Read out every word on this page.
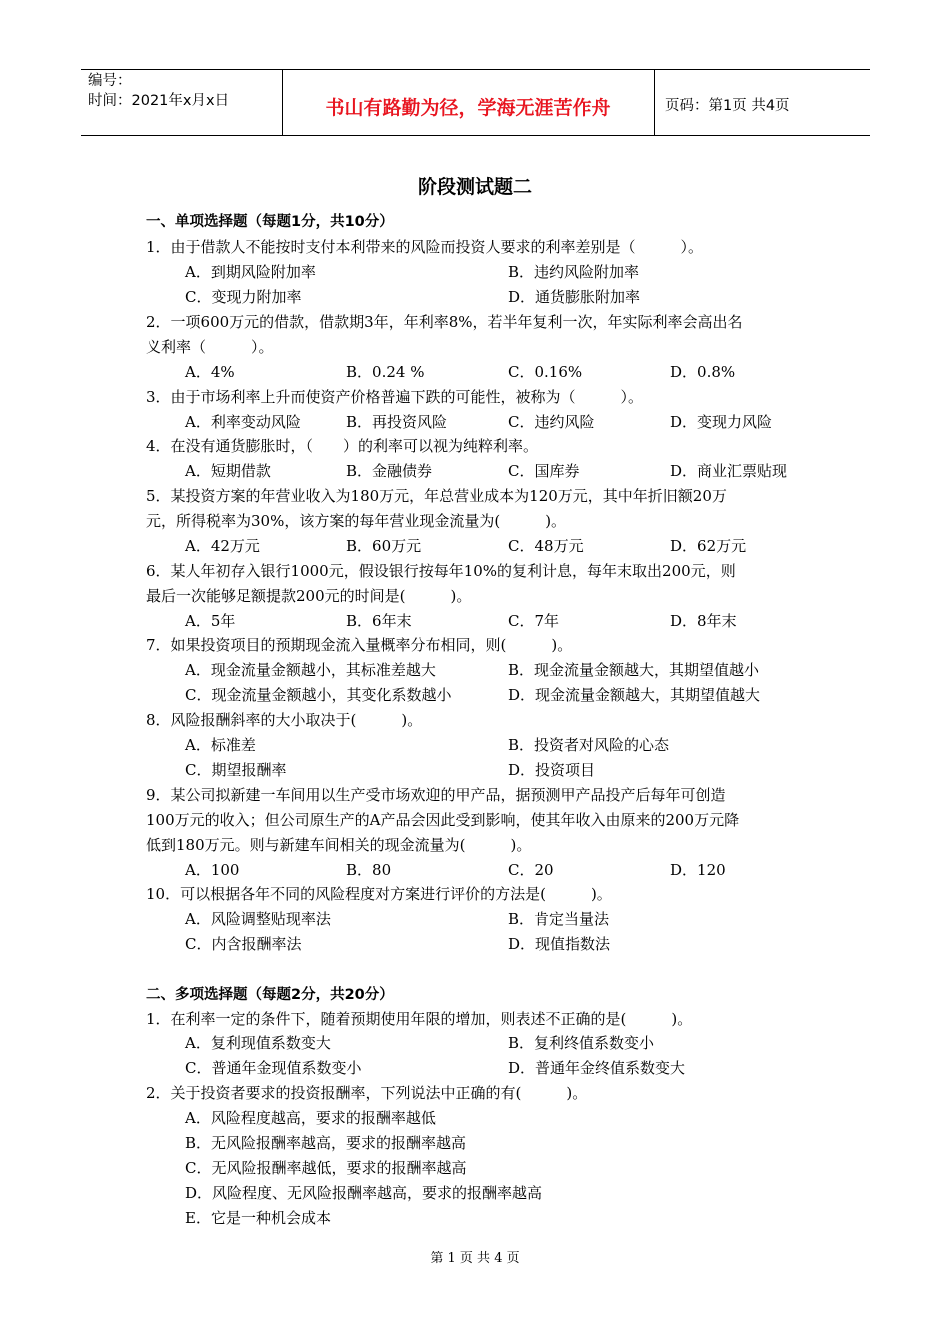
编号：
时间：2021年x月x日	书山有路勤为径，学海无涯苦作舟	页码：第1页 共4页
阶段测试题二
一、单项选择题（每题1分，共10分）
1．由于借款人不能按时支付本利带来的风险而投资人要求的利率差别是（　　　）。
A．到期风险附加率	B．违约风险附加率
C．变现力附加率	D．通货膨胀附加率
2．一项600万元的借款，借款期3年，年利率8%，若半年复利一次，年实际利率会高出名
义利率（　　　）。
A．4%	B．0.24 %	C．0.16%	D．0.8%
3．由于市场利率上升而使资产价格普遍下跌的可能性，被称为（　　　）。
A．利率变动风险	B．再投资风险	C．违约风险	D．变现力风险
4．在没有通货膨胀时，（　　）的利率可以视为纯粹利率。
A．短期借款	B．金融债券	C．国库券	D．商业汇票贴现
5．某投资方案的年营业收入为180万元，年总营业成本为120万元，其中年折旧额20万
元，所得税率为30%，该方案的每年营业现金流量为(　　　)。
A．42万元	B．60万元	C．48万元	D．62万元
6．某人年初存入银行1000元，假设银行按每年10%的复利计息，每年末取出200元，则
最后一次能够足额提款200元的时间是(　　　)。
A．5年	B．6年末	C．7年	D．8年末
7．如果投资项目的预期现金流入量概率分布相同，则(　　　)。
A．现金流量金额越小，其标准差越大	B．现金流量金额越大，其期望值越小
C．现金流量金额越小，其变化系数越小	D．现金流量金额越大，其期望值越大
8．风险报酬斜率的大小取决于(　　　)。
A．标准差	B．投资者对风险的心态
C．期望报酬率	D．投资项目
9．某公司拟新建一车间用以生产受市场欢迎的甲产品，据预测甲产品投产后每年可创造
100万元的收入；但公司原生产的A产品会因此受到影响，使其年收入由原来的200万元降
低到180万元。则与新建车间相关的现金流量为(　　　)。
A．100	B．80	C．20	D．120
10．可以根据各年不同的风险程度对方案进行评价的方法是(　　　)。
A．风险调整贴现率法	B．肯定当量法
C．内含报酬率法	D．现值指数法
二、多项选择题（每题2分，共20分）
1．在利率一定的条件下，随着预期使用年限的增加，则表述不正确的是(　　　)。
A．复利现值系数变大	B．复利终值系数变小
C．普通年金现值系数变小	D．普通年金终值系数变大
2．关于投资者要求的投资报酬率，下列说法中正确的有(　　　)。
A．风险程度越高，要求的报酬率越低
B．无风险报酬率越高，要求的报酬率越高
C．无风险报酬率越低，要求的报酬率越高
D．风险程度、无风险报酬率越高，要求的报酬率越高
E．它是一种机会成本
第 1 页 共 4 页
